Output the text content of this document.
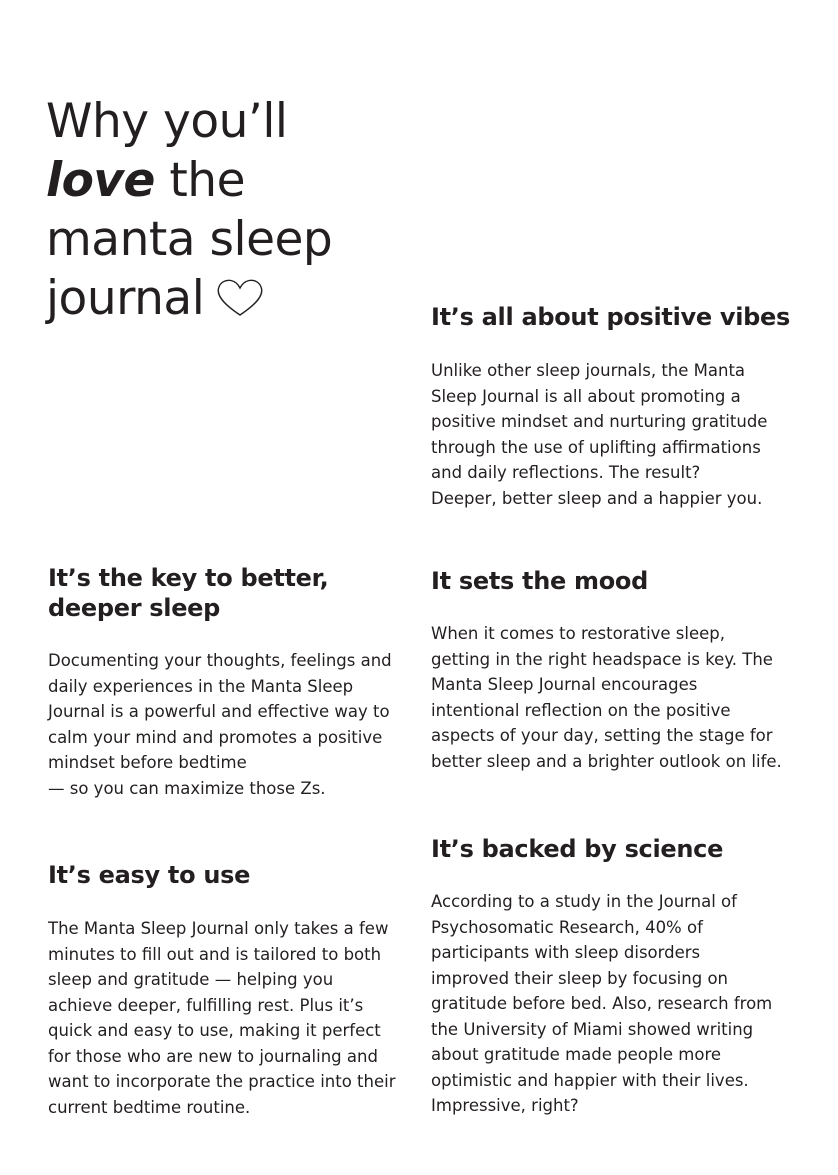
Why you’ll
love the
manta sleep
journal	It’s all about positive vibes

Unlike other sleep journals, the Manta
Sleep Journal is all about promoting a
positive mindset and nurturing gratitude
through the use of uplifting affirmations
and daily reflections. The result?
Deeper, better sleep and a happier you.

It’s the key to better,
deeper sleep

Documenting your thoughts, feelings and
daily experiences in the Manta Sleep
Journal is a powerful and effective way to
calm your mind and promotes a positive
mindset before bedtime
— so you can maximize those Zs.

It sets the mood

When it comes to restorative sleep,
getting in the right headspace is key. The
Manta Sleep Journal encourages
intentional reflection on the positive
aspects of your day, setting the stage for
better sleep and a brighter outlook on life.

It’s backed by science

According to a study in the Journal of
Psychosomatic Research, 40% of
participants with sleep disorders
improved their sleep by focusing on
gratitude before bed. Also, research from
the University of Miami showed writing
about gratitude made people more
optimistic and happier with their lives.
Impressive, right?

It’s easy to use

The Manta Sleep Journal only takes a few
minutes to fill out and is tailored to both
sleep and gratitude — helping you
achieve deeper, fulfilling rest. Plus it’s
quick and easy to use, making it perfect
for those who are new to journaling and
want to incorporate the practice into their
current bedtime routine.
